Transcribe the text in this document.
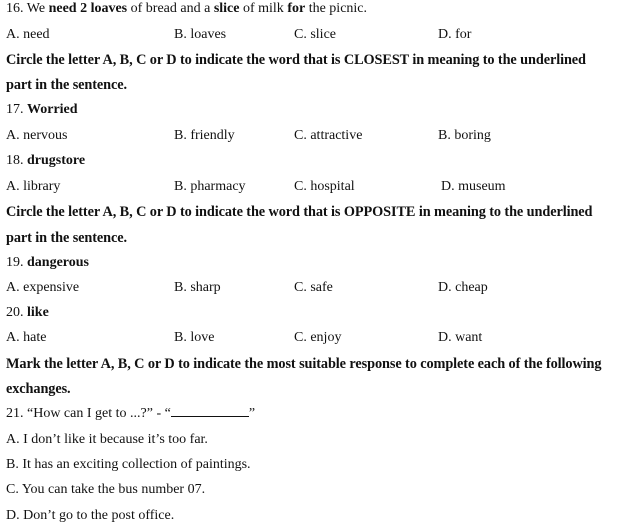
16. We need 2 loaves of bread and a slice of milk for the picnic.
A. need	B. loaves	C. slice	D. for
Circle the letter A, B, C or D to indicate the word that is CLOSEST in meaning to the underlined
part in the sentence.
17. Worried
A. nervous	B. friendly	C. attractive	B. boring
18. drugstore
A. library	B. pharmacy	C. hospital	D. museum
Circle the letter A, B, C or D to indicate the word that is OPPOSITE in meaning to the underlined
part in the sentence.
19. dangerous
A. expensive	B. sharp	C. safe	D. cheap
20. like
A. hate	B. love	C. enjoy	D. want
Mark the letter A, B, C or D to indicate the most suitable response to complete each of the following
exchanges.
21. “How can I get to ...?” - “	”
A. I don’t like it because it’s too far.
B. It has an exciting collection of paintings.
C. You can take the bus number 07.
D. Don’t go to the post office.
